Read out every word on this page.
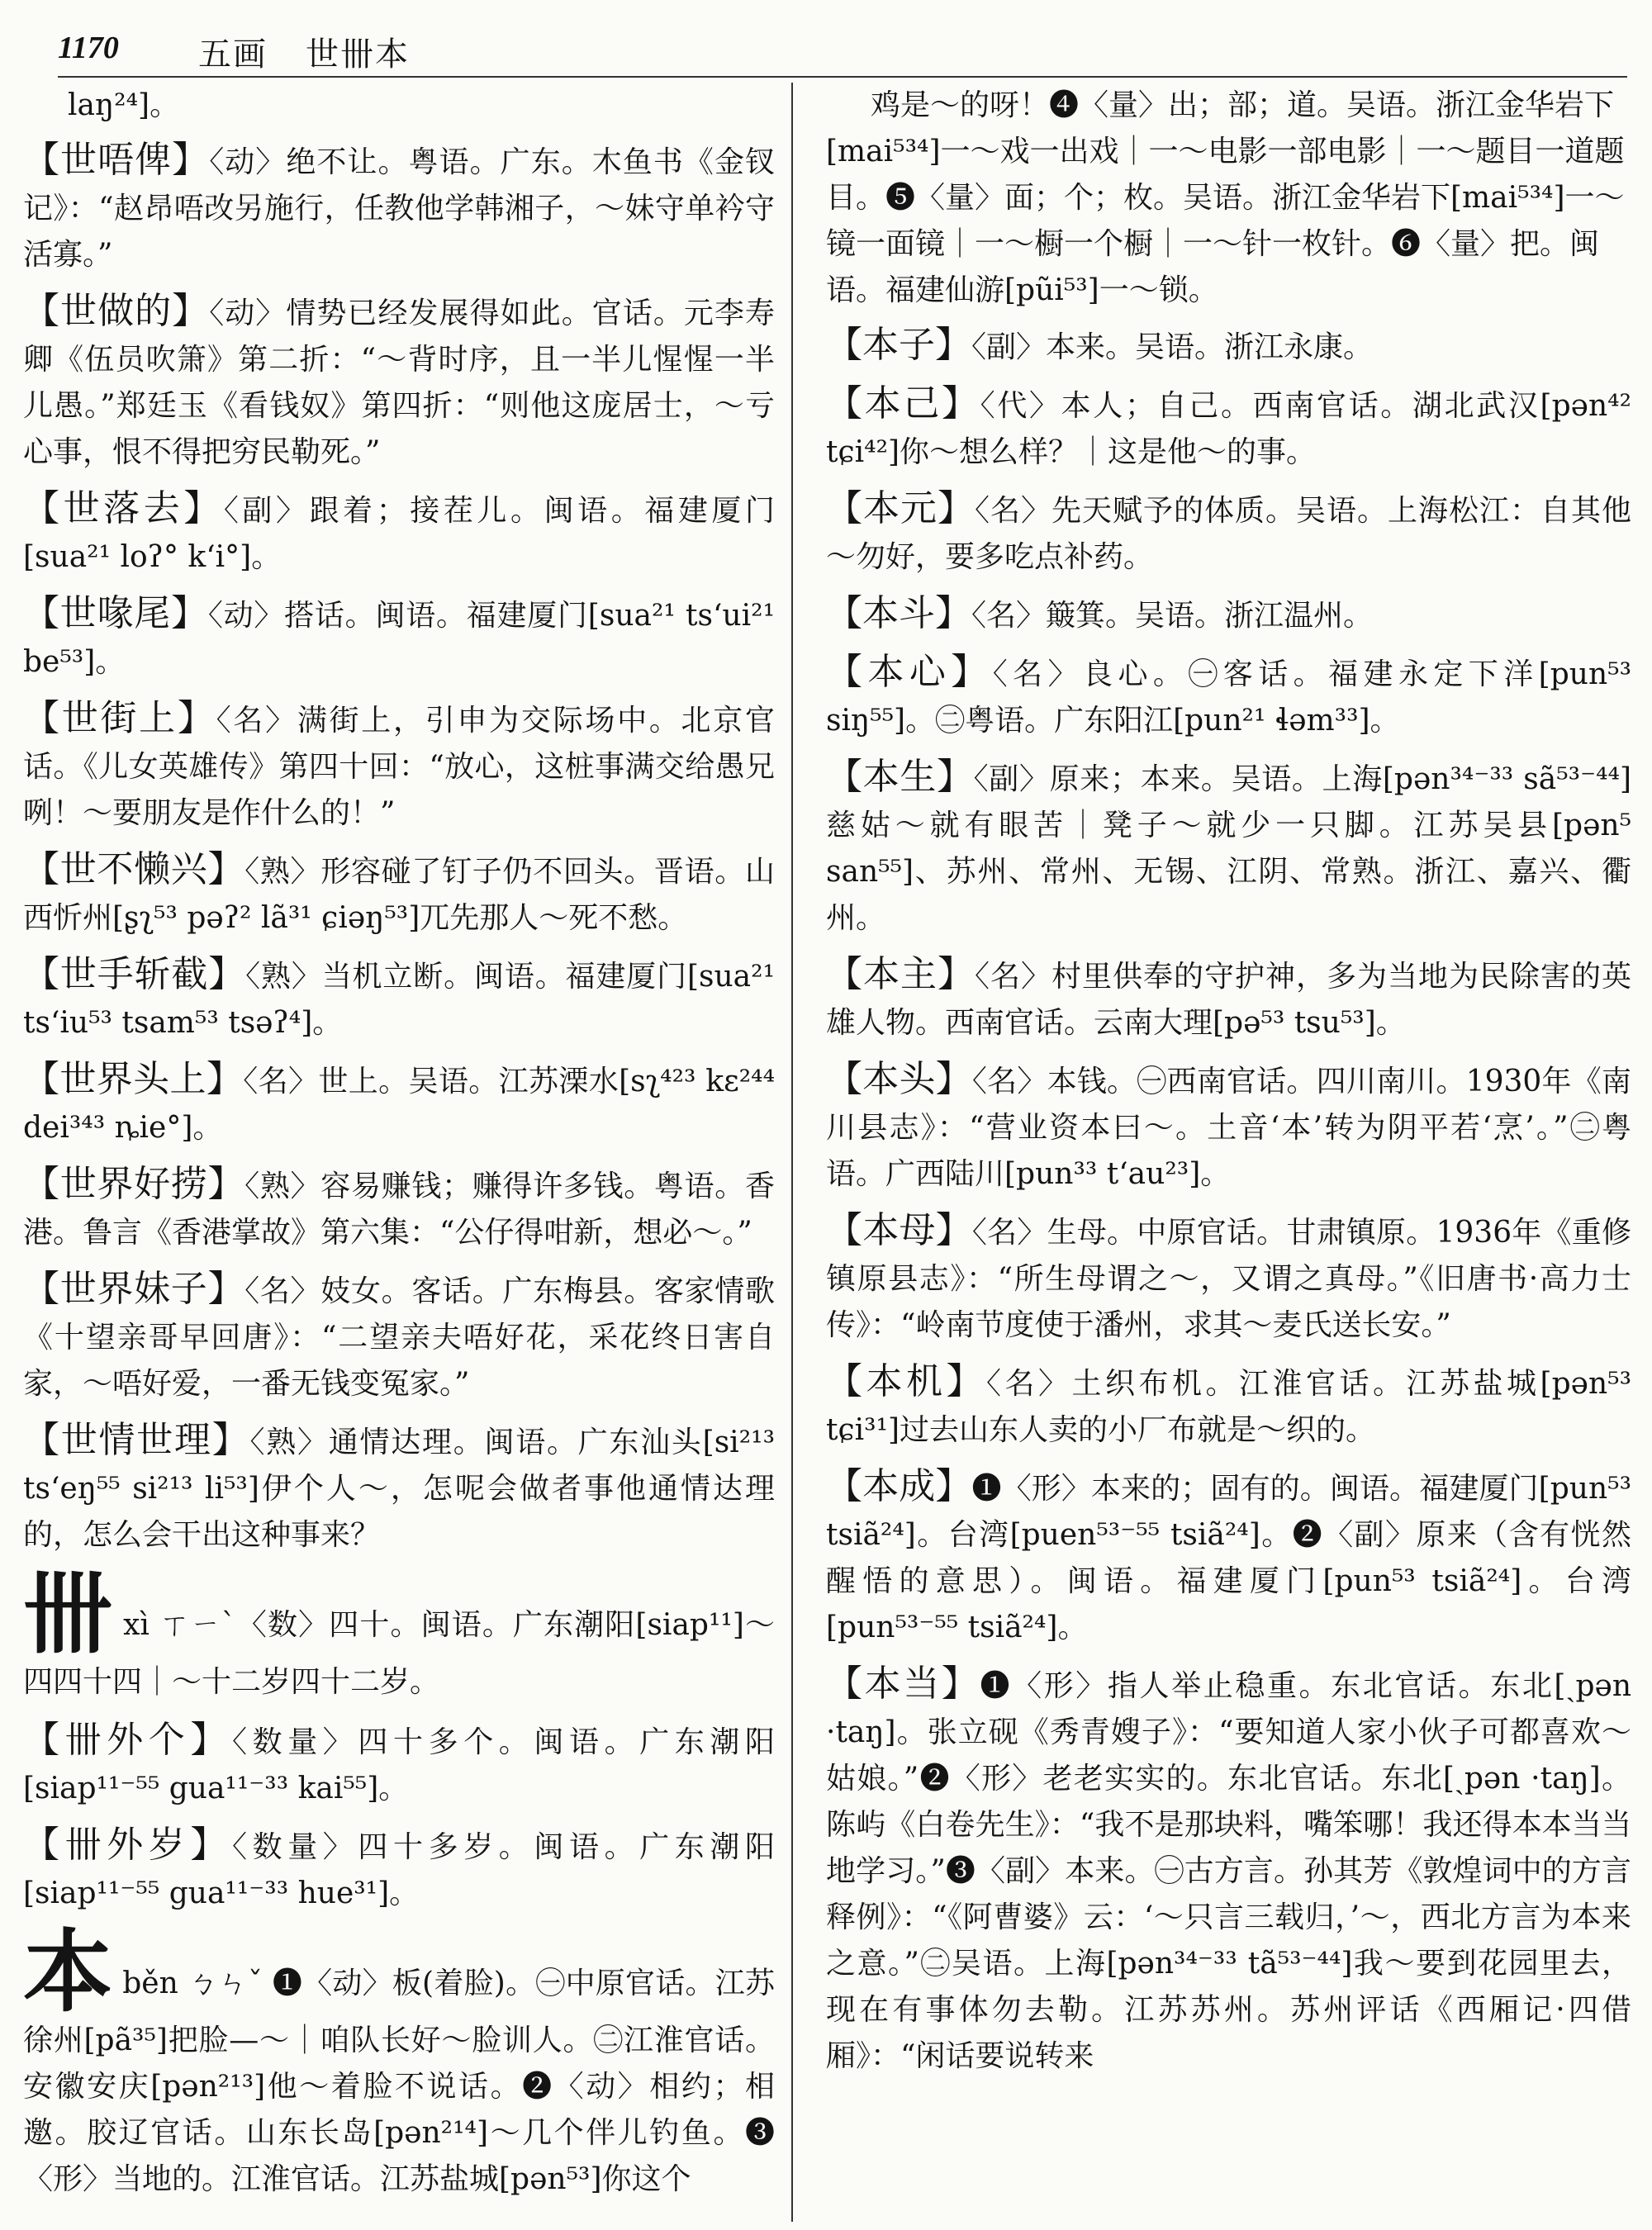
1170 五画 世卌本

laŋ²⁴]。

【世唔俾】〈动〉绝不让。粤语。广东。木鱼书《金钗记》：“赵昂唔改另施行，任教他学韩湘子，～妹守单衿守活寡。”

【世做的】〈动〉情势已经发展得如此。官话。元李寿卿《伍员吹箫》第二折：“～背时序，且一半儿惺惺一半儿愚。”郑廷玉《看钱奴》第四折：“则他这庞居士，～亏心事，恨不得把穷民勒死。”

【世落去】〈副〉跟着；接茬儿。闽语。福建厦门[sua²¹ loʔ° kʻi°]。

【世喙尾】〈动〉搭话。闽语。福建厦门[sua²¹ tsʻui²¹ be⁵³]。

【世街上】〈名〉满街上，引申为交际场中。北京官话。《儿女英雄传》第四十回：“放心，这桩事满交给愚兄咧！～要朋友是作什么的！”

【世不懒兴】〈熟〉形容碰了钉子仍不回头。晋语。山西忻州[ʂʅ⁵³ pəʔ² lã³¹ ɕiəŋ⁵³]兀先那人～死不愁。

【世手斩截】〈熟〉当机立断。闽语。福建厦门[sua²¹ tsʻiu⁵³ tsam⁵³ tsəʔ⁴]。

【世界头上】〈名〉世上。吴语。江苏溧水[sʅ⁴²³ kɛ²⁴⁴ dei³⁴³ ȵie°]。

【世界好捞】〈熟〉容易赚钱；赚得许多钱。粤语。香港。鲁言《香港掌故》第六集：“公仔得咁新，想必～。”

【世界妹子】〈名〉妓女。客话。广东梅县。客家情歌《十望亲哥早回唐》：“二望亲夫唔好花，采花终日害自家，～唔好爱，一番无钱变冤家。”

【世情世理】〈熟〉通情达理。闽语。广东汕头[si²¹³ tsʻeŋ⁵⁵ si²¹³ li⁵³]伊个人～，怎呢会做者事他通情达理的，怎么会干出这种事来？

卌xì ㄒㄧˋ〈数〉四十。闽语。广东潮阳[siap¹¹]～四四十四｜～十二岁四十二岁。

【卌外个】〈数量〉四十多个。闽语。广东潮阳[siap¹¹⁻⁵⁵ gua¹¹⁻³³ kai⁵⁵]。

【卌外岁】〈数量〉四十多岁。闽语。广东潮阳[siap¹¹⁻⁵⁵ gua¹¹⁻³³ hue³¹]。

本běn ㄅㄣˇ ❶〈动〉板(着脸)。㊀中原官话。江苏徐州[pã³⁵]把脸—～｜咱队长好～脸训人。㊁江淮官话。安徽安庆[pən²¹³]他～着脸不说话。❷〈动〉相约；相邀。胶辽官话。山东长岛[pən²¹⁴]～几个伴儿钓鱼。❸〈形〉当地的。江淮官话。江苏盐城[pən⁵³]你这个

鸡是～的呀！❹〈量〉出；部；道。吴语。浙江金华岩下[mai⁵³⁴]一～戏一出戏｜一～电影一部电影｜一～题目一道题目。❺〈量〉面；个；枚。吴语。浙江金华岩下[mai⁵³⁴]一～镜一面镜｜一～橱一个橱｜一～针一枚针。❻〈量〉把。闽语。福建仙游[pũi⁵³]一～锁。

【本子】〈副〉本来。吴语。浙江永康。

【本己】〈代〉本人；自己。西南官话。湖北武汉[pən⁴² tɕi⁴²]你～想么样？｜这是他～的事。

【本元】〈名〉先天赋予的体质。吴语。上海松江：自其他～勿好，要多吃点补药。

【本斗】〈名〉簸箕。吴语。浙江温州。

【本心】〈名〉良心。㊀客话。福建永定下洋[pun⁵³ siŋ⁵⁵]。㊁粤语。广东阳江[pun²¹ ɬəm³³]。

【本生】〈副〉原来；本来。吴语。上海[pən³⁴⁻³³ sã⁵³⁻⁴⁴]慈姑～就有眼苦｜凳子～就少一只脚。江苏吴县[pən⁵ san⁵⁵]、苏州、常州、无锡、江阴、常熟。浙江、嘉兴、衢州。

【本主】〈名〉村里供奉的守护神，多为当地为民除害的英雄人物。西南官话。云南大理[pə⁵³ tsu⁵³]。

【本头】〈名〉本钱。㊀西南官话。四川南川。1930年《南川县志》：“营业资本曰～。土音‘本’转为阴平若‘烹’。”㊁粤语。广西陆川[pun³³ tʻau²³]。

【本母】〈名〉生母。中原官话。甘肃镇原。1936年《重修镇原县志》：“所生母谓之～，又谓之真母。”《旧唐书·高力士传》：“岭南节度使于潘州，求其～麦氏送长安。”

【本机】〈名〉土织布机。江淮官话。江苏盐城[pən⁵³ tɕi³¹]过去山东人卖的小厂布就是～织的。

【本成】❶〈形〉本来的；固有的。闽语。福建厦门[pun⁵³ tsiã²⁴]。台湾[puen⁵³⁻⁵⁵ tsiã²⁴]。❷〈副〉原来（含有恍然醒悟的意思）。闽语。福建厦门[pun⁵³ tsiã²⁴]。台湾[pun⁵³⁻⁵⁵ tsiã²⁴]。

【本当】❶〈形〉指人举止稳重。东北官话。东北[ˏpən ·taŋ]。张立砚《秀青嫂子》：“要知道人家小伙子可都喜欢～姑娘。”❷〈形〉老老实实的。东北官话。东北[ˏpən ·taŋ]。陈屿《白卷先生》：“我不是那块料，嘴笨哪！我还得本本当当地学习。”❸〈副〉本来。㊀古方言。孙其芳《敦煌词中的方言释例》：“《阿曹婆》云：‘～只言三载归，’～，西北方言为本来之意。”㊁吴语。上海[pən³⁴⁻³³ tã⁵³⁻⁴⁴]我～要到花园里去，现在有事体勿去勒。江苏苏州。苏州评话《西厢记·四借厢》：“闲话要说转来
